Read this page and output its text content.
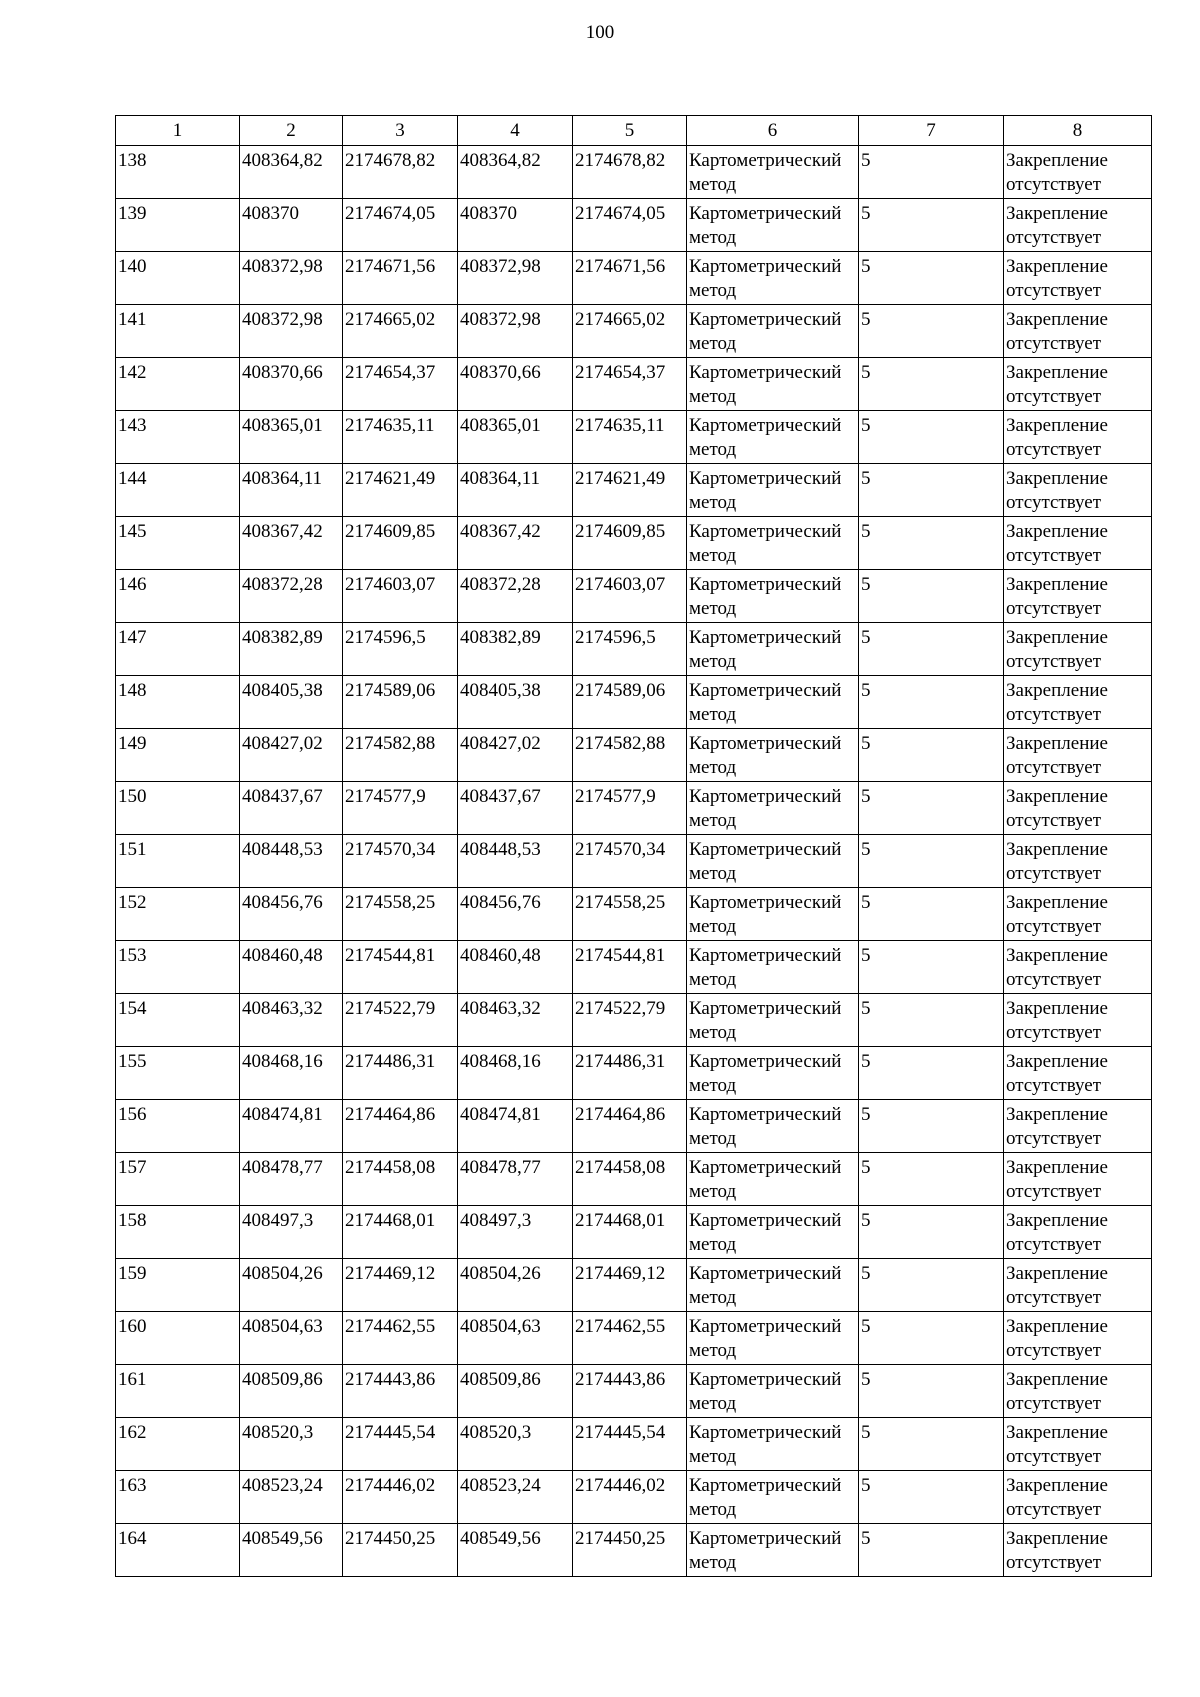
100
1	2	3	4	5	6	7	8
138	408364,82	2174678,82	408364,82	2174678,82	Картометрический метод	5	Закрепление отсутствует
139	408370	2174674,05	408370	2174674,05	Картометрический метод	5	Закрепление отсутствует
140	408372,98	2174671,56	408372,98	2174671,56	Картометрический метод	5	Закрепление отсутствует
141	408372,98	2174665,02	408372,98	2174665,02	Картометрический метод	5	Закрепление отсутствует
142	408370,66	2174654,37	408370,66	2174654,37	Картометрический метод	5	Закрепление отсутствует
143	408365,01	2174635,11	408365,01	2174635,11	Картометрический метод	5	Закрепление отсутствует
144	408364,11	2174621,49	408364,11	2174621,49	Картометрический метод	5	Закрепление отсутствует
145	408367,42	2174609,85	408367,42	2174609,85	Картометрический метод	5	Закрепление отсутствует
146	408372,28	2174603,07	408372,28	2174603,07	Картометрический метод	5	Закрепление отсутствует
147	408382,89	2174596,5	408382,89	2174596,5	Картометрический метод	5	Закрепление отсутствует
148	408405,38	2174589,06	408405,38	2174589,06	Картометрический метод	5	Закрепление отсутствует
149	408427,02	2174582,88	408427,02	2174582,88	Картометрический метод	5	Закрепление отсутствует
150	408437,67	2174577,9	408437,67	2174577,9	Картометрический метод	5	Закрепление отсутствует
151	408448,53	2174570,34	408448,53	2174570,34	Картометрический метод	5	Закрепление отсутствует
152	408456,76	2174558,25	408456,76	2174558,25	Картометрический метод	5	Закрепление отсутствует
153	408460,48	2174544,81	408460,48	2174544,81	Картометрический метод	5	Закрепление отсутствует
154	408463,32	2174522,79	408463,32	2174522,79	Картометрический метод	5	Закрепление отсутствует
155	408468,16	2174486,31	408468,16	2174486,31	Картометрический метод	5	Закрепление отсутствует
156	408474,81	2174464,86	408474,81	2174464,86	Картометрический метод	5	Закрепление отсутствует
157	408478,77	2174458,08	408478,77	2174458,08	Картометрический метод	5	Закрепление отсутствует
158	408497,3	2174468,01	408497,3	2174468,01	Картометрический метод	5	Закрепление отсутствует
159	408504,26	2174469,12	408504,26	2174469,12	Картометрический метод	5	Закрепление отсутствует
160	408504,63	2174462,55	408504,63	2174462,55	Картометрический метод	5	Закрепление отсутствует
161	408509,86	2174443,86	408509,86	2174443,86	Картометрический метод	5	Закрепление отсутствует
162	408520,3	2174445,54	408520,3	2174445,54	Картометрический метод	5	Закрепление отсутствует
163	408523,24	2174446,02	408523,24	2174446,02	Картометрический метод	5	Закрепление отсутствует
164	408549,56	2174450,25	408549,56	2174450,25	Картометрический метод	5	Закрепление отсутствует
